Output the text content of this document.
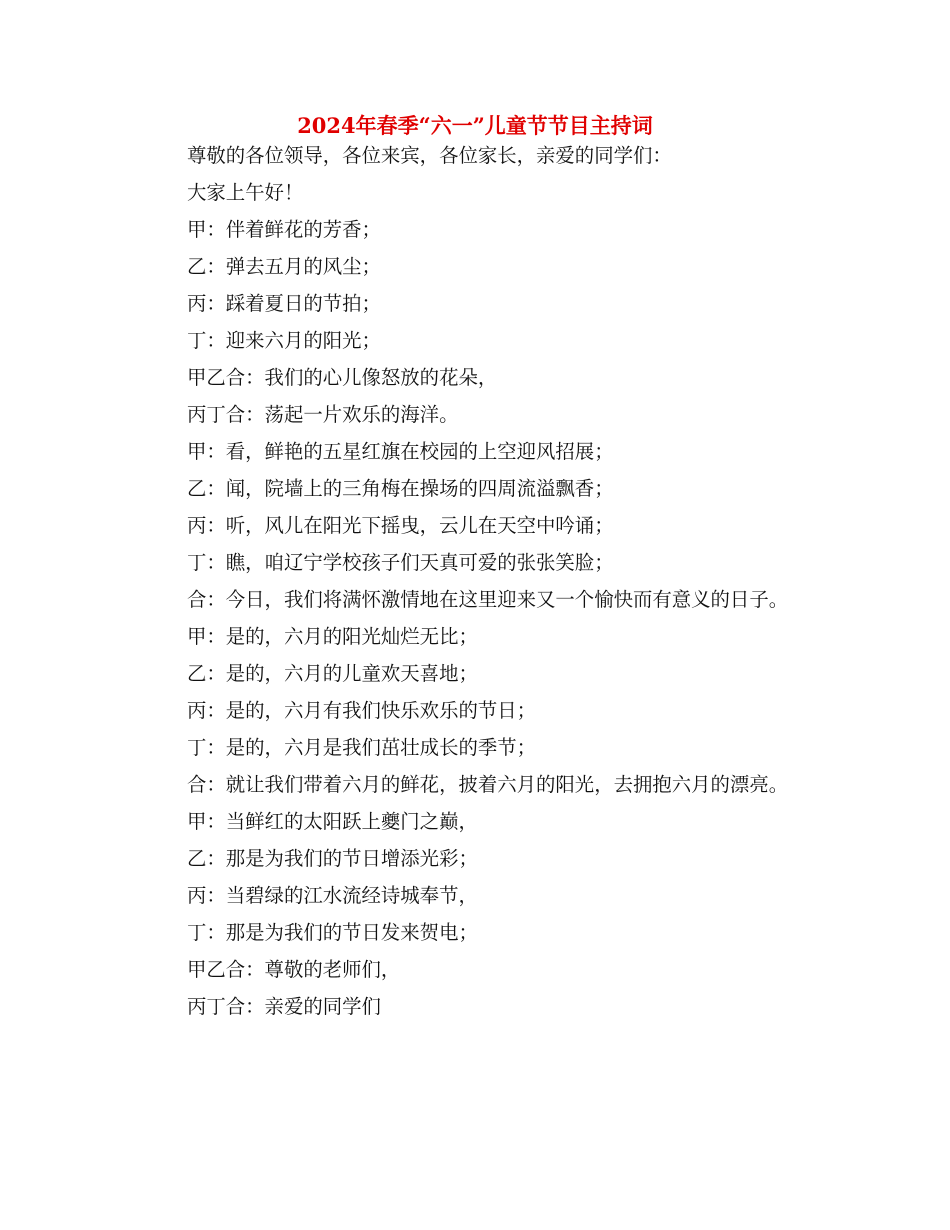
2024年春季“六一”儿童节节目主持词

尊敬的各位领导，各位来宾，各位家长，亲爱的同学们：

大家上午好！

甲：伴着鲜花的芳香；

乙：弹去五月的风尘；

丙：踩着夏日的节拍；

丁：迎来六月的阳光；

甲乙合：我们的心儿像怒放的花朵，

丙丁合：荡起一片欢乐的海洋。

甲：看，鲜艳的五星红旗在校园的上空迎风招展；

乙：闻，院墙上的三角梅在操场的四周流溢飘香；

丙：听，风儿在阳光下摇曳，云儿在天空中吟诵；

丁：瞧，咱辽宁学校孩子们天真可爱的张张笑脸；

合：今日，我们将满怀激情地在这里迎来又一个愉快而有意义的日子。

甲：是的，六月的阳光灿烂无比；

乙：是的，六月的儿童欢天喜地；

丙：是的，六月有我们快乐欢乐的节日；

丁：是的，六月是我们茁壮成长的季节；

合：就让我们带着六月的鲜花，披着六月的阳光，去拥抱六月的漂亮。

甲：当鲜红的太阳跃上夔门之巅，

乙：那是为我们的节日增添光彩；

丙：当碧绿的江水流经诗城奉节，

丁：那是为我们的节日发来贺电；

甲乙合：尊敬的老师们，

丙丁合：亲爱的同学们
